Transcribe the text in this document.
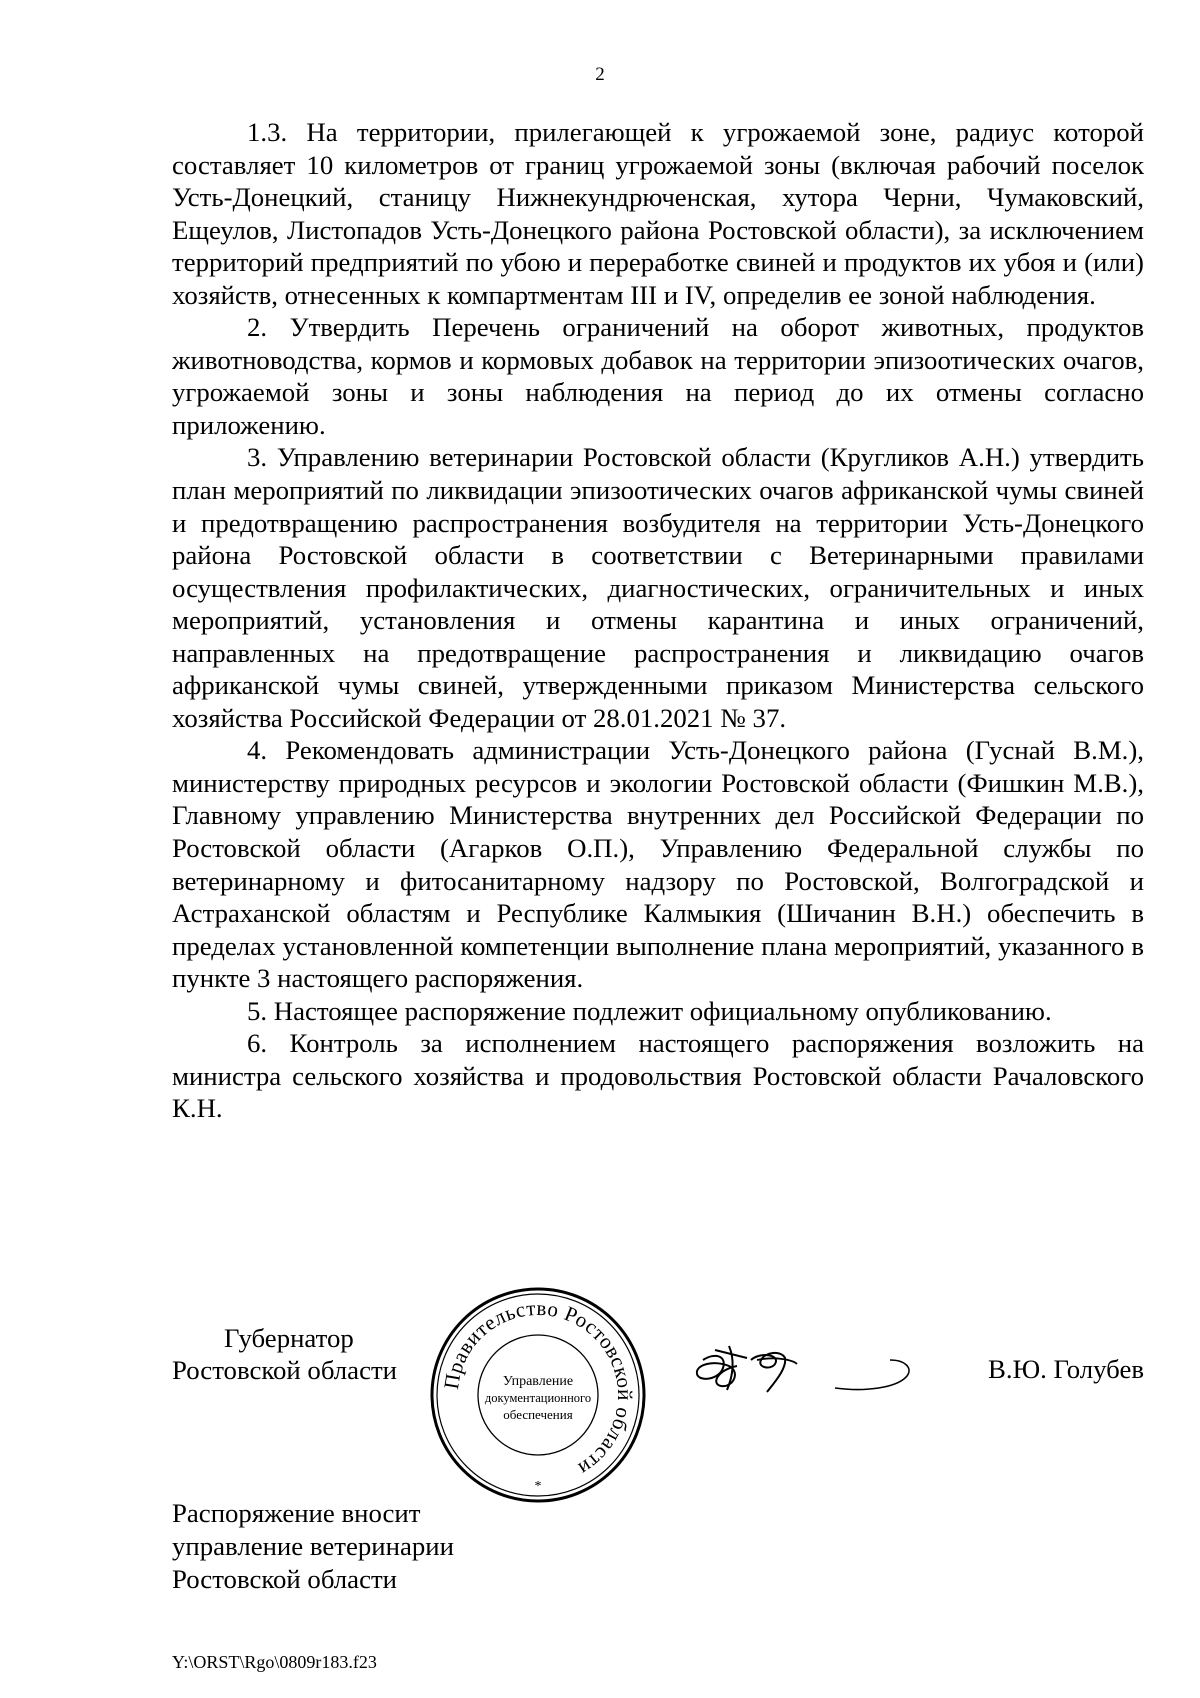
2

1.3. На территории, прилегающей к угрожаемой зоне, радиус которой составляет 10 километров от границ угрожаемой зоны (включая рабочий поселок Усть-Донецкий, станицу Нижнекундрюченская, хутора Черни, Чумаковский, Ещеулов, Листопадов Усть-Донецкого района Ростовской области), за исключением территорий предприятий по убою и переработке свиней и продуктов их убоя и (или) хозяйств, отнесенных к компартментам III и IV, определив ее зоной наблюдения.

2. Утвердить Перечень ограничений на оборот животных, продуктов животноводства, кормов и кормовых добавок на территории эпизоотических очагов, угрожаемой зоны и зоны наблюдения на период до их отмены согласно приложению.

3. Управлению ветеринарии Ростовской области (Кругликов А.Н.) утвердить план мероприятий по ликвидации эпизоотических очагов африканской чумы свиней и предотвращению распространения возбудителя на территории Усть-Донецкого района Ростовской области в соответствии с Ветеринарными правилами осуществления профилактических, диагностических, ограничительных и иных мероприятий, установления и отмены карантина и иных ограничений, направленных на предотвращение распространения и ликвидацию очагов африканской чумы свиней, утвержденными приказом Министерства сельского хозяйства Российской Федерации от 28.01.2021 № 37.

4. Рекомендовать администрации Усть-Донецкого района (Гуснай В.М.), министерству природных ресурсов и экологии Ростовской области (Фишкин М.В.), Главному управлению Министерства внутренних дел Российской Федерации по Ростовской области (Агарков О.П.), Управлению Федеральной службы по ветеринарному и фитосанитарному надзору по Ростовской, Волгоградской и Астраханской областям и Республике Калмыкия (Шичанин В.Н.) обеспечить в пределах установленной компетенции выполнение плана мероприятий, указанного в пункте 3 настоящего распоряжения.

5. Настоящее распоряжение подлежит официальному опубликованию.

6. Контроль за исполнением настоящего распоряжения возложить на министра сельского хозяйства и продовольствия Ростовской области Рачаловского К.Н.

Губернатор
Ростовской области Правительство Ростовской области
Управление
документационного
обеспечения
*
В.Ю. Голубев
Распоряжение вносит
управление ветеринарии
Ростовской области
Y:\ORST\Rgo\0809r183.f23
